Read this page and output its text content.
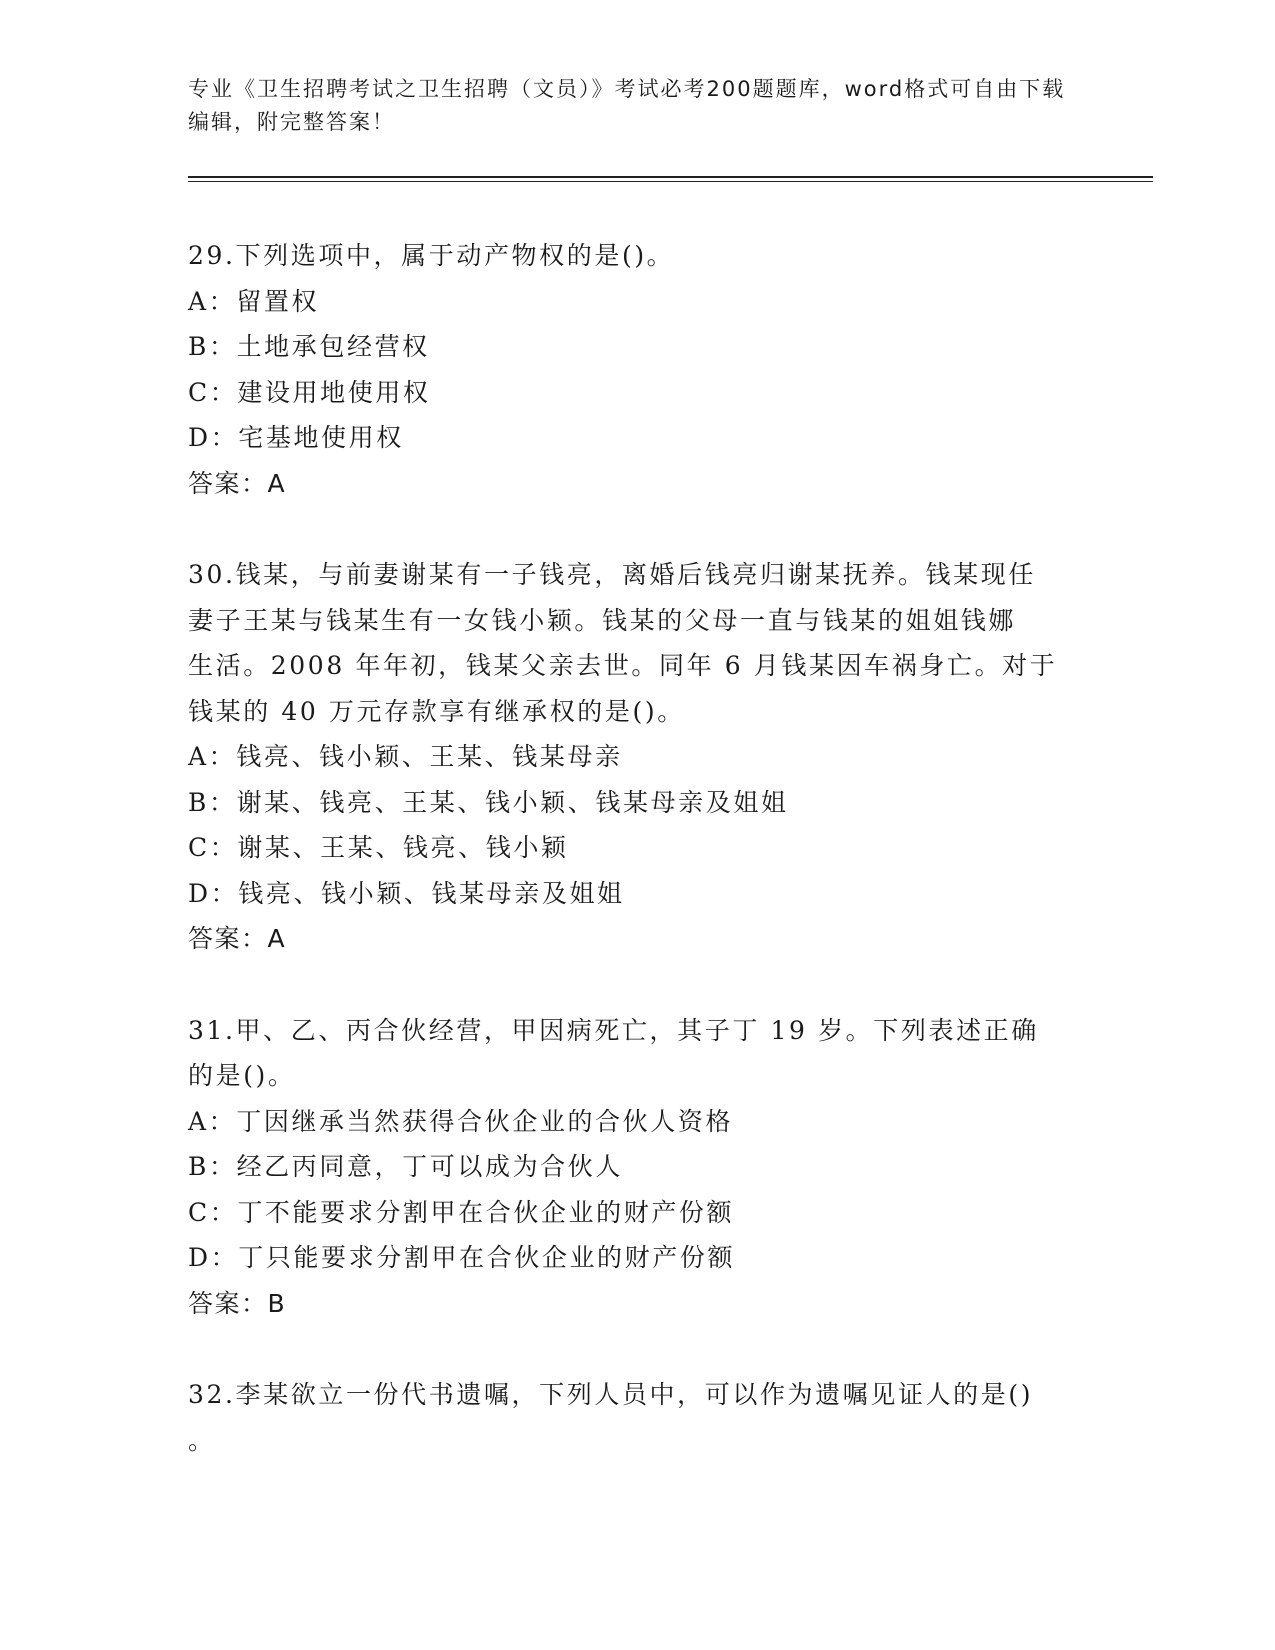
专业《卫生招聘考试之卫生招聘（文员）》考试必考200题题库，word格式可自由下载编辑，附完整答案！
29.下列选项中，属于动产物权的是()。
A：留置权
B：土地承包经营权
C：建设用地使用权
D：宅基地使用权
答案：A
30.钱某，与前妻谢某有一子钱亮，离婚后钱亮归谢某抚养。钱某现任
妻子王某与钱某生有一女钱小颖。钱某的父母一直与钱某的姐姐钱娜
生活。2008 年年初，钱某父亲去世。同年 6 月钱某因车祸身亡。对于
钱某的 40 万元存款享有继承权的是()。
A：钱亮、钱小颖、王某、钱某母亲
B：谢某、钱亮、王某、钱小颖、钱某母亲及姐姐
C：谢某、王某、钱亮、钱小颖
D：钱亮、钱小颖、钱某母亲及姐姐
答案：A
31.甲、乙、丙合伙经营，甲因病死亡，其子丁 19 岁。下列表述正确
的是()。
A：丁因继承当然获得合伙企业的合伙人资格
B：经乙丙同意，丁可以成为合伙人
C：丁不能要求分割甲在合伙企业的财产份额
D：丁只能要求分割甲在合伙企业的财产份额
答案：B
32.李某欲立一份代书遗嘱，下列人员中，可以作为遗嘱见证人的是()
。
